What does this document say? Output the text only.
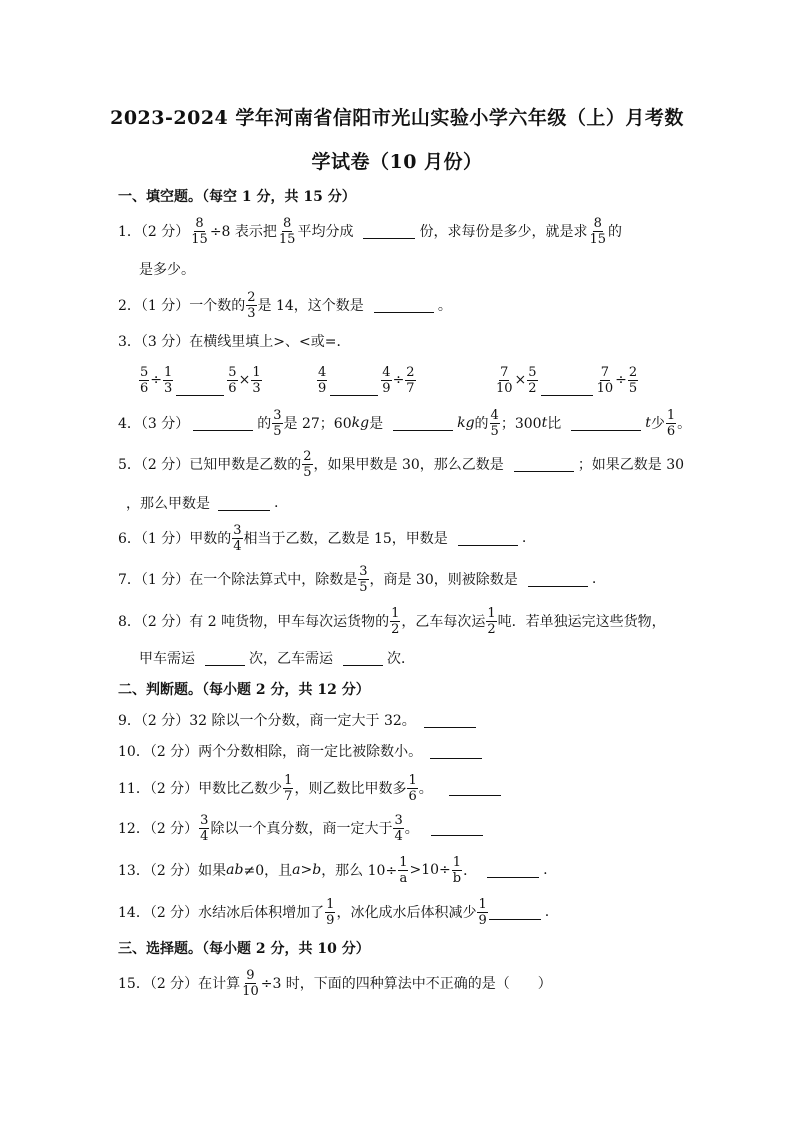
2023-2024 学年河南省信阳市光山实验小学六年级（上）月考数
学试卷（10 月份）
一、填空题。（每空 1 分，共 15 分）
1．（2 分） $\frac{8}{15} \div 8$ 表示把 $\frac{8}{15}$ 平均分成	份，求每份是多少，就是求 $\frac{8}{15}$ 的
是多少。
2．（1 分）一个数的 $\frac{2}{3}$ 是 14，这个数是	。
3．（3 分）在横线里填上>、<或=．
$\frac{5}{6} \div \frac{1}{3}$	$\frac{5}{6} \times \frac{1}{3}$	$\frac{4}{9}$	$\frac{4}{9} \div \frac{2}{7}$	$\frac{7}{10} \times \frac{5}{2}$	$\frac{7}{10} \div \frac{2}{5}$
4．（3 分）	的 $\frac{3}{5}$ 是 27；60 kg 是	kg 的 $\frac{4}{5}$ ；300 t 比	t 少 $\frac{1}{6}$ 。
5．（2 分）已知甲数是乙数的 $\frac{2}{5}$ ，如果甲数是 30，那么乙数是	；如果乙数是 30
，那么甲数是	.
6．（1 分）甲数的 $\frac{3}{4}$ 相当于乙数，乙数是 15，甲数是	.
7．（1 分）在一个除法算式中，除数是 $\frac{3}{5}$ ，商是 30，则被除数是	.
8．（2 分）有 2 吨货物，甲车每次运货物的 $\frac{1}{2}$ ，乙车每次运 $\frac{1}{2}$ 吨．若单独运完这些货物，
甲车需运	次，乙车需运	次．
二、判断题。（每小题 2 分，共 12 分）
9．（2 分）32 除以一个分数，商一定大于 32。
10．（2 分）两个分数相除，商一定比被除数小。
11．（2 分）甲数比乙数少 $\frac{1}{7}$ ，则乙数比甲数多 $\frac{1}{6}$ 。
12．（2 分） $\frac{3}{4}$ 除以一个真分数，商一定大于 $\frac{3}{4}$ 。
13．（2 分）如果 ab ≠0，且 a > b ，那么 $10\div \frac{1}{a} >10\div \frac{1}{b}$ ．	.
14．（2 分）水结冰后体积增加了 $\frac{1}{9}$ ，冰化成水后体积减少 $\frac{1}{9}$	.
三、选择题。（每小题 2 分，共 10 分）
15．（2 分）在计算 $\frac{9}{10} \div 3$ 时，下面的四种算法中不正确的是（　　）
